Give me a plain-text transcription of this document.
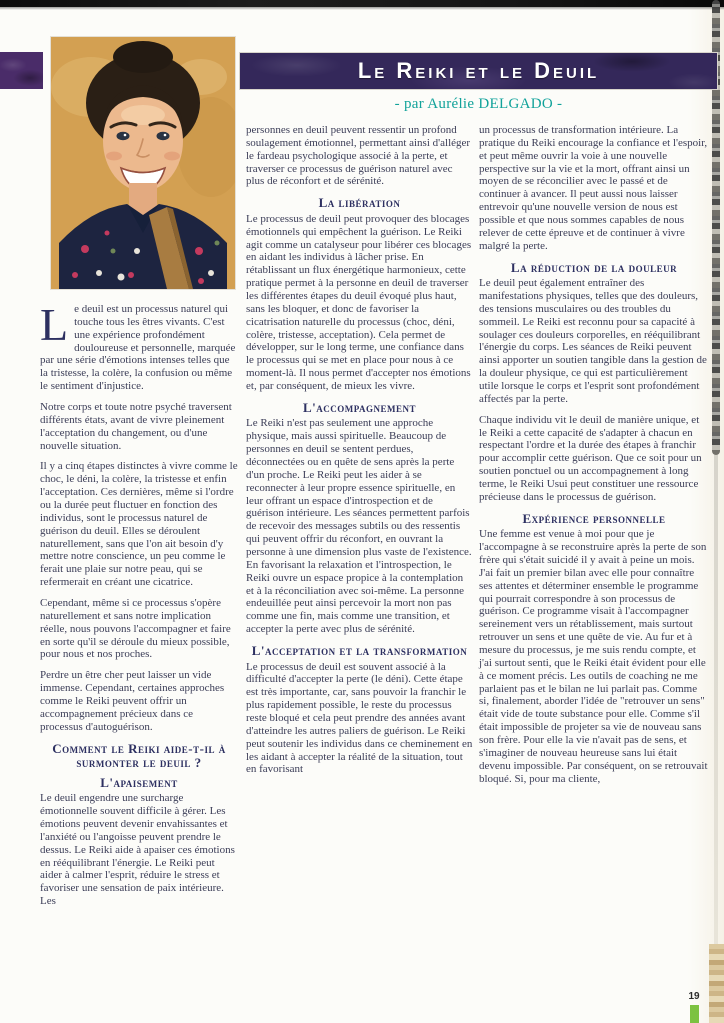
Le Reiki et le Deuil
- par Aurélie DELGADO -

Le deuil est un processus naturel qui touche tous les êtres vivants. C'est une expérience profondément douloureuse et personnelle, marquée par une série d'émotions intenses telles que la tristesse, la colère, la confusion ou même le sentiment d'injustice.

Notre corps et toute notre psyché traversent différents états, avant de vivre pleinement l'acceptation du changement, ou d'une nouvelle situation.

Il y a cinq étapes distinctes à vivre comme le choc, le déni, la colère, la tristesse et enfin l'acceptation. Ces dernières, même si l'ordre ou la durée peut fluctuer en fonction des individus, sont le processus naturel de guérison du deuil. Elles se déroulent naturellement, sans que l'on ait besoin d'y mettre notre conscience, un peu comme le ferait une plaie sur notre peau, qui se refermerait en créant une cicatrice.

Cependant, même si ce processus s'opère naturellement et sans notre implication réelle, nous pouvons l'accompagner et faire en sorte qu'il se déroule du mieux possible, pour nous et nos proches.

Perdre un être cher peut laisser un vide immense. Cependant, certaines approches comme le Reiki peuvent offrir un accompagnement précieux dans ce processus d'autoguérison.

Comment le Reiki aide-t-il à surmonter le deuil ?
L'apaisement

Le deuil engendre une surcharge émotionnelle souvent difficile à gérer. Les émotions peuvent devenir envahissantes et l'anxiété ou l'angoisse peuvent prendre le dessus. Le Reiki aide à apaiser ces émotions en rééquilibrant l'énergie. Le Reiki peut aider à calmer l'esprit, réduire le stress et favoriser une sensation de paix intérieure. Les

personnes en deuil peuvent ressentir un profond soulagement émotionnel, permettant ainsi d'alléger le fardeau psychologique associé à la perte, et traverser ce processus de guérison naturel avec plus de réconfort et de sérénité.

La libération

Le processus de deuil peut provoquer des blocages émotionnels qui empêchent la guérison. Le Reiki agit comme un catalyseur pour libérer ces blocages en aidant les individus à lâcher prise. En rétablissant un flux énergétique harmonieux, cette pratique permet à la personne en deuil de traverser les différentes étapes du deuil évoqué plus haut, sans les bloquer, et donc de favoriser la cicatrisation naturelle du processus (choc, déni, colère, tristesse, acceptation). Cela permet de développer, sur le long terme, une confiance dans le processus qui se met en place pour nous à ce moment-là. Il nous permet d'accepter nos émotions et, par conséquent, de mieux les vivre.

L'accompagnement

Le Reiki n'est pas seulement une approche physique, mais aussi spirituelle. Beaucoup de personnes en deuil se sentent perdues, déconnectées ou en quête de sens après la perte d'un proche. Le Reiki peut les aider à se reconnecter à leur propre essence spirituelle, en leur offrant un espace d'introspection et de guérison intérieure. Les séances permettent parfois de recevoir des messages subtils ou des ressentis qui peuvent offrir du réconfort, en ouvrant la personne à une dimension plus vaste de l'existence. En favorisant la relaxation et l'introspection, le Reiki ouvre un espace propice à la contemplation et à la réconciliation avec soi-même. La personne endeuillée peut ainsi percevoir la mort non pas comme une fin, mais comme une transition, et accepter la perte avec plus de sérénité.

L'acceptation et la transformation

Le processus de deuil est souvent associé à la difficulté d'accepter la perte (le déni). Cette étape est très importante, car, sans pouvoir la franchir le plus rapidement possible, le reste du processus reste bloqué et cela peut prendre des années avant d'atteindre les autres paliers de guérison. Le Reiki peut soutenir les individus dans ce cheminement en les aidant à accepter la réalité de la situation, tout en favorisant

un processus de transformation intérieure. La pratique du Reiki encourage la confiance et l'espoir, et peut même ouvrir la voie à une nouvelle perspective sur la vie et la mort, offrant ainsi un moyen de se réconcilier avec le passé et de continuer à avancer. Il peut aussi nous laisser entrevoir qu'une nouvelle version de nous est possible et que nous sommes capables de nous relever de cette épreuve et de continuer à vivre malgré la perte.

La réduction de la douleur

Le deuil peut également entraîner des manifestations physiques, telles que des douleurs, des tensions musculaires ou des troubles du sommeil. Le Reiki est reconnu pour sa capacité à soulager ces douleurs corporelles, en rééquilibrant l'énergie du corps. Les séances de Reiki peuvent ainsi apporter un soutien tangible dans la gestion de la douleur physique, ce qui est particulièrement utile lorsque le corps et l'esprit sont profondément affectés par la perte.

Chaque individu vit le deuil de manière unique, et le Reiki a cette capacité de s'adapter à chacun en respectant l'ordre et la durée des étapes à franchir pour accomplir cette guérison. Que ce soit pour un soutien ponctuel ou un accompagnement à long terme, le Reiki Usui peut constituer une ressource précieuse dans le processus de guérison.

Expérience personnelle

Une femme est venue à moi pour que je l'accompagne à se reconstruire après la perte de son frère qui s'était suicidé il y avait à peine un mois. J'ai fait un premier bilan avec elle pour connaître ses attentes et déterminer ensemble le programme qui pourrait correspondre à son processus de guérison. Ce programme visait à l'accompagner sereinement vers un rétablissement, mais surtout retrouver un sens et une quête de vie. Au fur et à mesure du processus, je me suis rendu compte, et j'ai surtout senti, que le Reiki était évident pour elle à ce moment précis. Les outils de coaching ne me parlaient pas et le bilan ne lui parlait pas. Comme si, finalement, aborder l'idée de "retrouver un sens" était vide de toute substance pour elle. Comme s'il était impossible de projeter sa vie de nouveau sans son frère. Pour elle la vie n'avait pas de sens, et s'imaginer de nouveau heureuse sans lui était devenu impossible. Par conséquent, on se retrouvait bloqué. Si, pour ma cliente,

19
